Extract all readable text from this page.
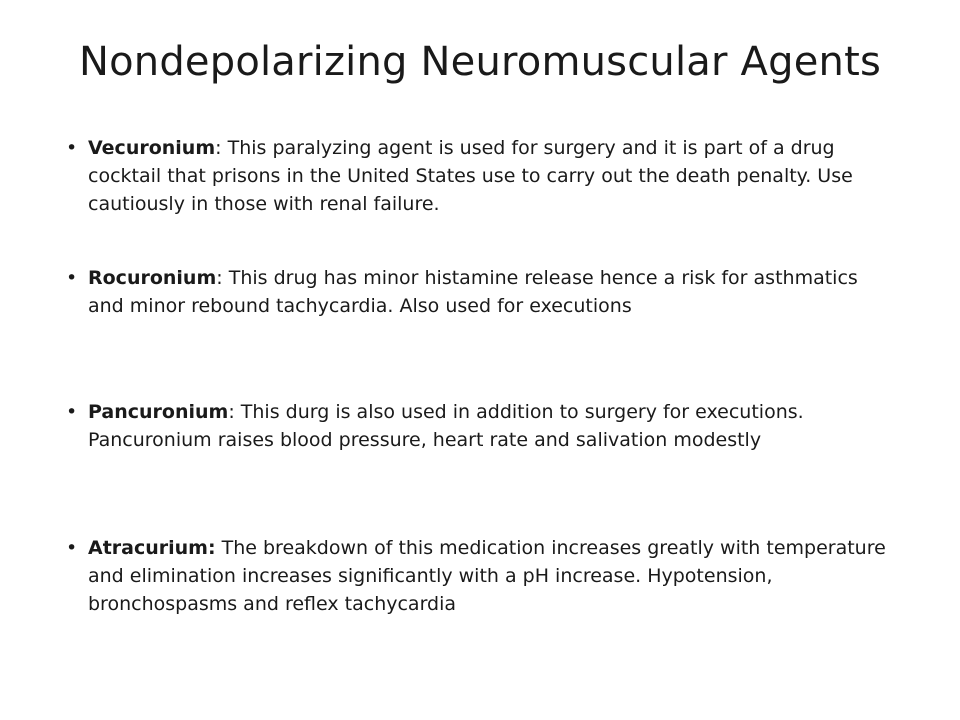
• Vecuronium: This paralyzing agent is used for surgery and it is part of a drug cocktail that prisons in the United States use to carry out the death penalty. Use cautiously in those with renal failure.
• Rocuronium: This drug has minor histamine release hence a risk for asthmatics and minor rebound tachycardia. Also used for executions
• Pancuronium: This durg is also used in addition to surgery for executions. Pancuronium raises blood pressure, heart rate and salivation modestly
• Atracurium: The breakdown of this medication increases greatly with temperature and elimination increases significantly with a pH increase. Hypotension, bronchospasms and reflex tachycardia
Nondepolarizing Neuromuscular Agents
